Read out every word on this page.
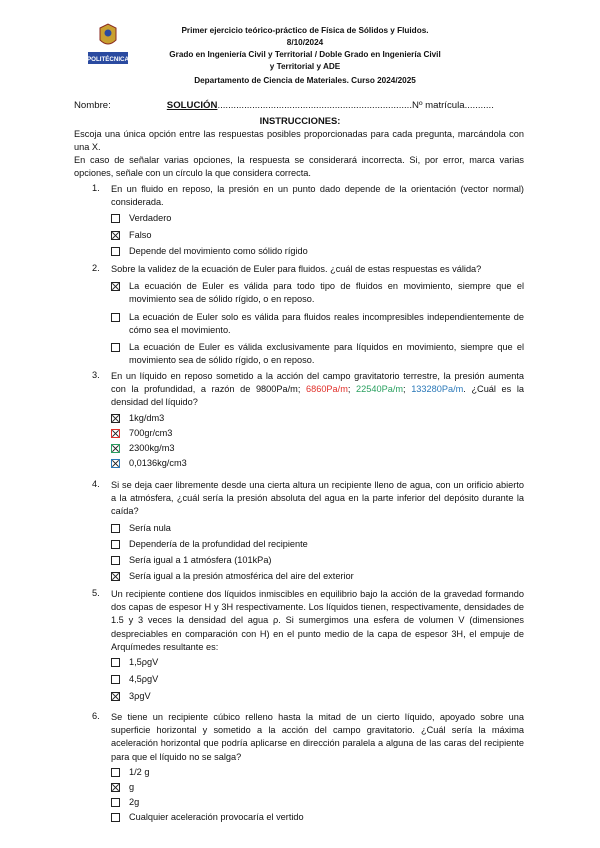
POLITÉCNICA
Primer ejercicio teórico-práctico de Física de Sólidos y Fluidos.
8/10/2024
Grado en Ingeniería Civil y Territorial / Doble Grado en Ingeniería Civil
y Territorial y ADE
Departamento de Ciencia de Materiales. Curso 2024/2025
Nombre:	SOLUCIÓN.........................................................................Nº matrícula...........
INSTRUCCIONES:
Escoja una única opción entre las respuestas posibles proporcionadas para cada pregunta, marcándola con una X.
En caso de señalar varias opciones, la respuesta se considerará incorrecta. Si, por error, marca varias opciones, señale con un círculo la que considera correcta.
1.	En un fluido en reposo, la presión en un punto dado depende de la orientación (vector normal) considerada.
Verdadero
Falso
Depende del movimiento como sólido rígido
2.	Sobre la validez de la ecuación de Euler para fluidos. ¿cuál de estas respuestas es válida?
La ecuación de Euler es válida para todo tipo de fluidos en movimiento, siempre que el movimiento sea de sólido rígido, o en reposo.
La ecuación de Euler solo es válida para fluidos reales incompresibles independientemente de cómo sea el movimiento.
La ecuación de Euler es válida exclusivamente para líquidos en movimiento, siempre que el movimiento sea de sólido rígido, o en reposo.
3.	En un líquido en reposo sometido a la acción del campo gravitatorio terrestre, la presión aumenta con la profundidad, a razón de 9800Pa/m; 6860Pa/m; 22540Pa/m; 133280Pa/m. ¿Cuál es la densidad del líquido?
1kg/dm3
700gr/cm3
2300kg/m3
0,0136kg/cm3
4.	Si se deja caer libremente desde una cierta altura un recipiente lleno de agua, con un orificio abierto a la atmósfera, ¿cuál sería la presión absoluta del agua en la parte inferior del depósito durante la caída?
Sería nula
Dependería de la profundidad del recipiente
Sería igual a 1 atmósfera (101kPa)
Sería igual a la presión atmosférica del aire del exterior
5.	Un recipiente contiene dos líquidos inmiscibles en equilibrio bajo la acción de la gravedad formando dos capas de espesor H y 3H respectivamente. Los líquidos tienen, respectivamente, densidades de 1.5 y 3 veces la densidad del agua ρ. Si sumergimos una esfera de volumen V (dimensiones despreciables en comparación con H) en el punto medio de la capa de espesor 3H, el empuje de Arquímedes resultante es:
1,5ρgV
4,5ρgV
3ρgV
6.	Se tiene un recipiente cúbico relleno hasta la mitad de un cierto líquido, apoyado sobre una superficie horizontal y sometido a la acción del campo gravitatorio. ¿Cuál sería la máxima aceleración horizontal que podría aplicarse en dirección paralela a alguna de las caras del recipiente para que el líquido no se salga?
1/2 g
g
2g
Cualquier aceleración provocaría el vertido
